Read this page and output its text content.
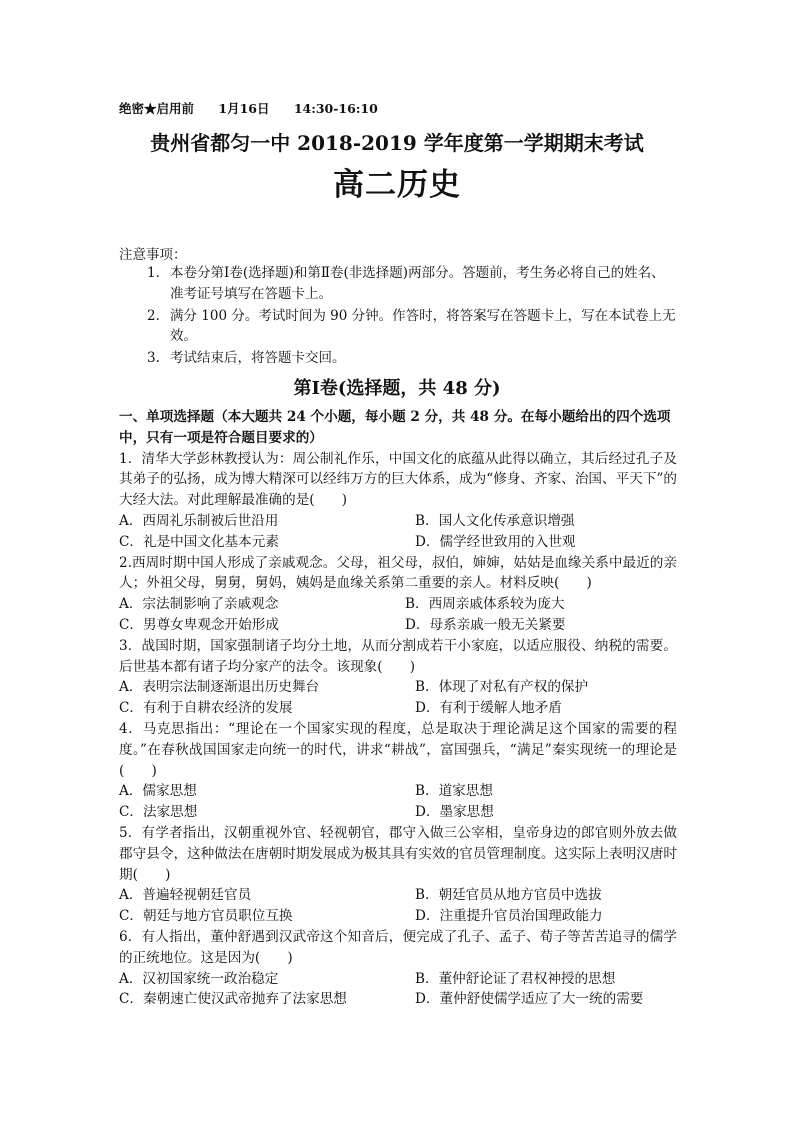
绝密★启用前 1月16日 14:30-16:10
贵州省都匀一中 2018-2019 学年度第一学期期末考试
高二历史
注意事项：
1. 本卷分第Ⅰ卷(选择题)和第Ⅱ卷(非选择题)两部分。答题前，考生务必将自己的姓名、准考证号填写在答题卡上。
2. 满分 100 分。考试时间为 90 分钟。作答时，将答案写在答题卡上，写在本试卷上无效。
3. 考试结束后，将答题卡交回。
第Ⅰ卷(选择题，共 48 分)

一、单项选择题（本大题共 24 个小题，每小题 2 分，共 48 分。在每小题给出的四个选项中，只有一项是符合题目要求的）

1．清华大学彭林教授认为：周公制礼作乐，中国文化的底蕴从此得以确立，其后经过孔子及其弟子的弘扬，成为博大精深可以经纬万方的巨大体系，成为“修身、齐家、治国、平天下”的大经大法。对此理解最准确的是(　　)

A．西周礼乐制被后世沿用	B．国人文化传承意识增强
C．礼是中国文化基本元素	D．儒学经世致用的入世观

2.西周时期中国人形成了亲戚观念。父母，祖父母，叔伯，婶婶，姑姑是血缘关系中最近的亲人；外祖父母，舅舅，舅妈，姨妈是血缘关系第二重要的亲人。材料反映(　　)

A．宗法制影响了亲戚观念	B．西周亲戚体系较为庞大
C．男尊女卑观念开始形成	D．母系亲戚一般无关紧要

3．战国时期，国家强制诸子均分土地，从而分割成若干小家庭，以适应服役、纳税的需要。后世基本都有诸子均分家产的法令。该现象(　　)

A．表明宗法制逐渐退出历史舞台	B．体现了对私有产权的保护
C．有利于自耕农经济的发展	D．有利于缓解人地矛盾

4．马克思指出：“理论在一个国家实现的程度，总是取决于理论满足这个国家的需要的程度。”在春秋战国国家走向统一的时代，讲求“耕战”，富国强兵，“满足”秦实现统一的理论是(　　)

A．儒家思想	B．道家思想
C．法家思想	D．墨家思想

5．有学者指出，汉朝重视外官、轻视朝官，郡守入做三公宰相，皇帝身边的郎官则外放去做郡守县令，这种做法在唐朝时期发展成为极其具有实效的官员管理制度。这实际上表明汉唐时期(　　)

A．普遍轻视朝廷官员	B．朝廷官员从地方官员中选拔
C．朝廷与地方官员职位互换	D．注重提升官员治国理政能力

6．有人指出，董仲舒遇到汉武帝这个知音后，便完成了孔子、孟子、荀子等苦苦追寻的儒学的正统地位。这是因为(　　)

A．汉初国家统一政治稳定	B．董仲舒论证了君权神授的思想
C．秦朝速亡使汉武帝抛弃了法家思想	D．董仲舒使儒学适应了大一统的需要
